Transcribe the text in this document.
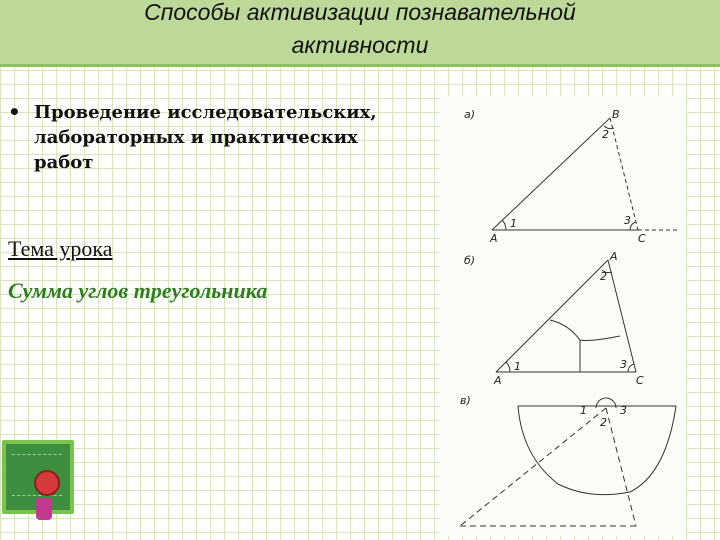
Способы активизации познавательной
активности
• Проведение исследовательских, лабораторных и практических работ
Тема урока
Сумма углов треугольника
а)
A
B
C
1
2
3
б)
A
A
C
1
2
3
в)
1
2
3
